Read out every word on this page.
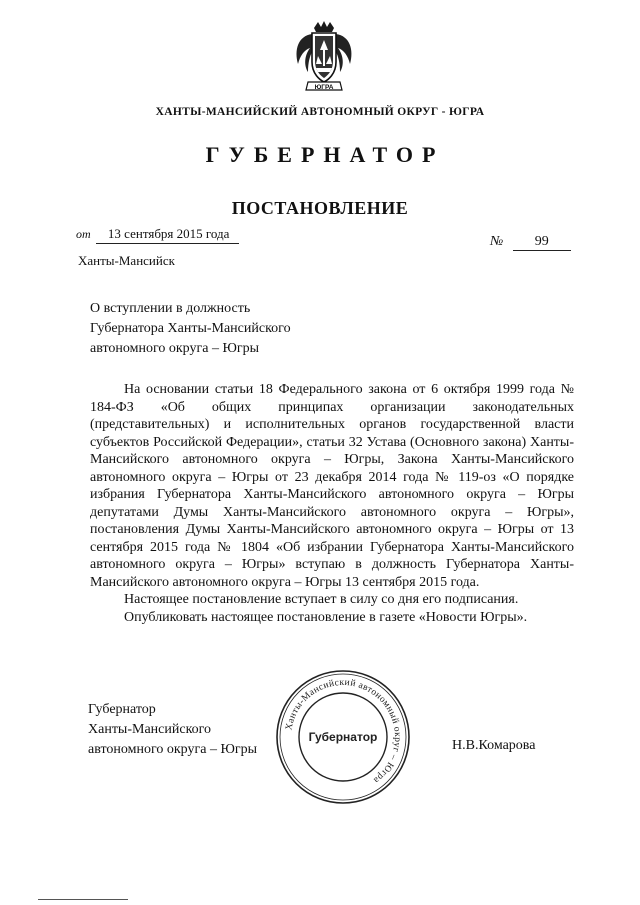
ЮГРА
ХАНТЫ-МАНСИЙСКИЙ АВТОНОМНЫЙ ОКРУГ - ЮГРА
ГУБЕРНАТОР
ПОСТАНОВЛЕНИЕ
от 13 сентября 2015 года
Ханты-Мансийск
№ 99
О вступлении в должность
Губернатора Ханты-Мансийского
автономного округа – Югры

На основании статьи 18 Федерального закона от 6 октября 1999 года № 184-ФЗ «Об общих принципах организации законодательных (представительных) и исполнительных органов государственной власти субъектов Российской Федерации», статьи 32 Устава (Основного закона) Ханты-Мансийского автономного округа – Югры, Закона Ханты-Мансийского автономного округа – Югры от 23 декабря 2014 года № 119-оз «О порядке избрания Губернатора Ханты-Мансийского автономного округа – Югры депутатами Думы Ханты-Мансийского автономного округа – Югры», постановления Думы Ханты-Мансийского автономного округа – Югры от 13 сентября 2015 года № 1804 «Об избрании Губернатора Ханты-Мансийского автономного округа – Югры» вступаю в должность Губернатора Ханты-Мансийского автономного округа – Югры 13 сентября 2015 года.

Настоящее постановление вступает в силу со дня его подписания.

Опубликовать настоящее постановление в газете «Новости Югры».

Губернатор
Ханты-Мансийского
автономного округа – Югры
Ханты-Мансийский автономный округ – Югра
Губернатор
Н.В.Комарова
